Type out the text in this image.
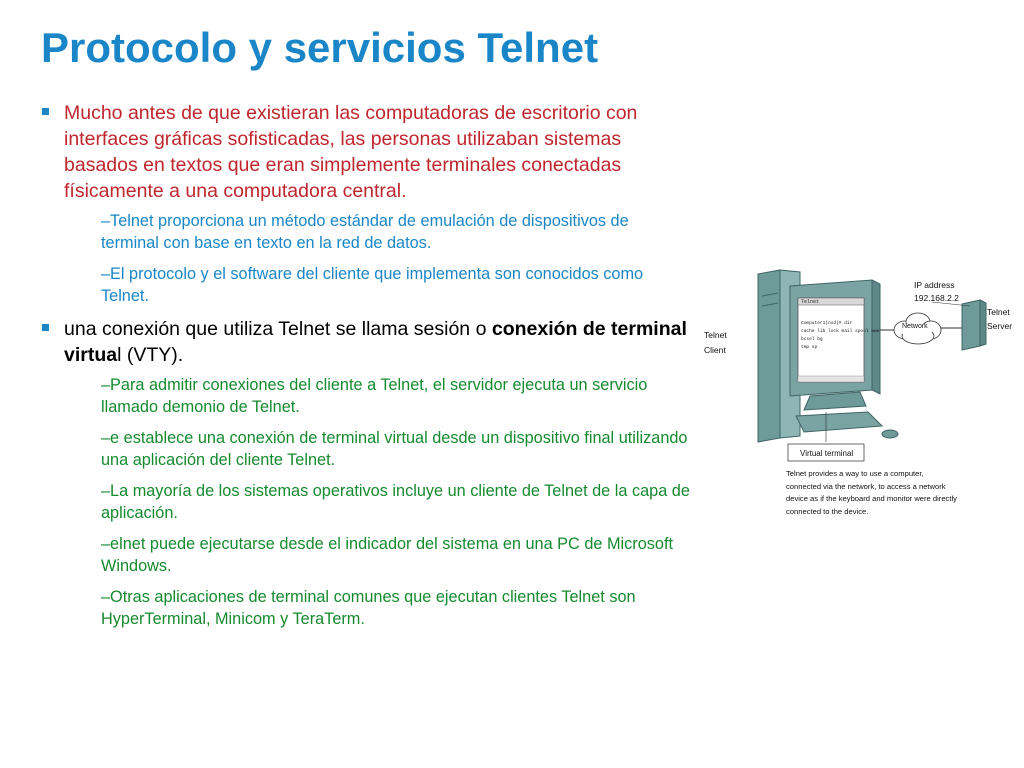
Protocolo y servicios Telnet
Mucho antes de que existieran las computadoras de escritorio con interfaces gráficas sofisticadas, las personas utilizaban sistemas basados en textos que eran simplemente terminales conectadas físicamente a una computadora central.
–Telnet proporciona un método estándar de emulación de dispositivos de terminal con base en texto en la red de datos.
–El protocolo y el software del cliente que implementa son conocidos como Telnet.
una conexión que utiliza Telnet se llama sesión o conexión de terminal virtual (VTY).
–Para admitir conexiones del cliente a Telnet, el servidor ejecuta un servicio llamado demonio de Telnet.
–e establece una conexión de terminal virtual desde un dispositivo final utilizando una aplicación del cliente Telnet.
–La mayoría de los sistemas operativos incluye un cliente de Telnet de la capa de aplicación.
–elnet puede ejecutarse desde el indicador del sistema en una PC de Microsoft Windows.
–Otras aplicaciones de terminal comunes que ejecutan clientes Telnet son HyperTerminal, Minicom y TeraTerm.
IP address
192.168.2.2
Telnet
Client
Telnet
Server
Network
Telnet
Computer1(nsd)# dir
cache lib lock mail spool www
bcsel bg
tmp sp
Virtual terminal
Telnet provides a way to use a computer, connected via the network, to access a network device as if the keyboard and monitor were directly connected to the device.
